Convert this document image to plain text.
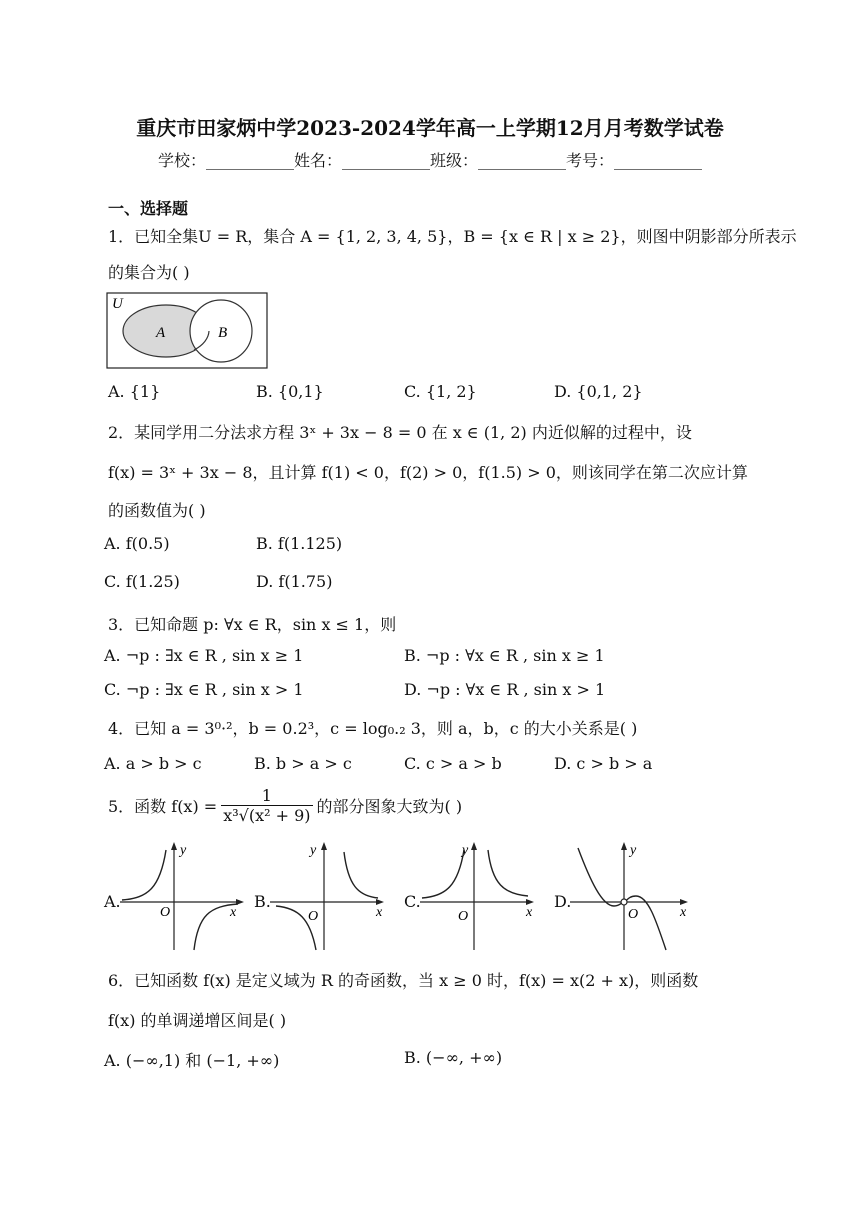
重庆市田家炳中学2023-2024学年高一上学期12月月考数学试卷
学校：___________姓名：___________班级：___________考号：___________
一、选择题
1．已知全集U = R，集合 A = {1, 2, 3, 4, 5}，B = {x ∈ R | x ≥ 2}，则图中阴影部分所表示
的集合为( )
U
A	B
A. {1}	B. {0,1}	C. {1, 2}	D. {0,1, 2}
2．某同学用二分法求方程 3ˣ + 3x − 8 = 0 在 x ∈ (1, 2) 内近似解的过程中，设
f(x) = 3ˣ + 3x − 8，且计算 f(1) < 0，f(2) > 0，f(1.5) > 0，则该同学在第二次应计算
的函数值为( )
A. f(0.5)	B. f(1.125)
C. f(1.25)	D. f(1.75)
3．已知命题 p: ∀x ∈ R，sin x ≤ 1，则
A. ¬p : ∃x ∈ R , sin x ≥ 1	B. ¬p : ∀x ∈ R , sin x ≥ 1
C. ¬p : ∃x ∈ R , sin x > 1	D. ¬p : ∀x ∈ R , sin x > 1
4．已知 a = 3⁰·²，b = 0.2³，c = log₀.₂ 3，则 a，b，c 的大小关系是( )
A. a > b > c	B. b > a > c	C. c > a > b	D. c > b > a
5．函数 $f(x) = \frac{1}{\text{x³√(x² + 9)}}$ 的部分图象大致为( )
A.
y
x
O
B.
y
x
O
C.
y
x
O
D.
y
x
O
6．已知函数 f(x) 是定义域为 R 的奇函数，当 x ≥ 0 时，f(x) = x(2 + x)，则函数
f(x) 的单调递增区间是( )
A. (−∞,1) 和 (−1, +∞)	B. (−∞, +∞)
